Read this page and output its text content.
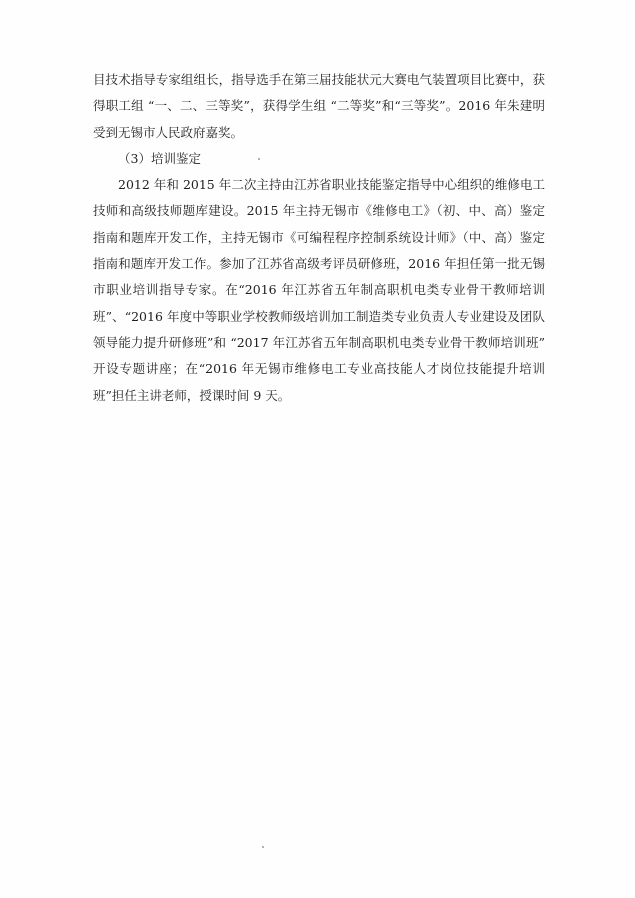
目技术指导专家组组长，指导选手在第三届技能状元大赛电气装置项目比赛中，获得职工组 “一、二、三等奖”，获得学生组 “二等奖”和“三等奖”。2016 年朱建明受到无锡市人民政府嘉奖。

（3）培训鉴定

2012 年和 2015 年二次主持由江苏省职业技能鉴定指导中心组织的维修电工技师和高级技师题库建设。2015 年主持无锡市《维修电工》（初、中、高）鉴定指南和题库开发工作，主持无锡市《可编程程序控制系统设计师》（中、高）鉴定指南和题库开发工作。参加了江苏省高级考评员研修班，2016 年担任第一批无锡市职业培训指导专家。在“2016 年江苏省五年制高职机电类专业骨干教师培训班”、“2016 年度中等职业学校教师级培训加工制造类专业负责人专业建设及团队领导能力提升研修班”和 “2017 年江苏省五年制高职机电类专业骨干教师培训班” 开设专题讲座；在“2016 年无锡市维修电工专业高技能人才岗位技能提升培训班”担任主讲老师，授课时间 9 天。
